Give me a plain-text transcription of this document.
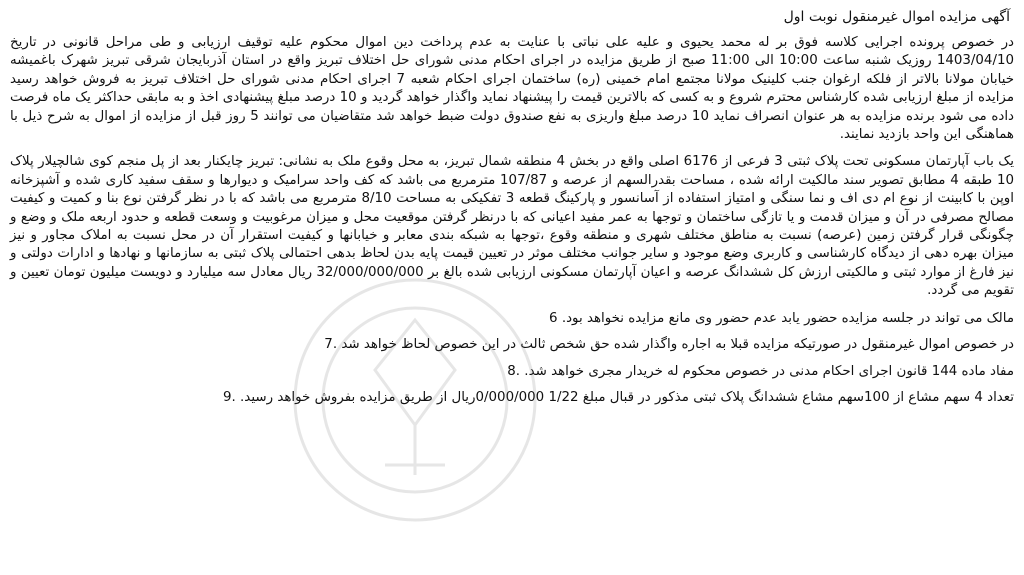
آگهی مزایده اموال غیرمنقول نوبت اول
در خصوص پرونده اجرایی کلاسه فوق بر له محمد یحیوی و علیه علی نباتی با عنایت به عدم پرداخت دین اموال محکوم علیه توقیف ارزیابی و طی مراحل قانونی در تاریخ 1403/04/10 روزیک شنبه ساعت 10:00 الی 11:00 صبح از طریق مزایده در اجرای احکام مدنی شورای حل اختلاف تبریز واقع در استان آذربایجان شرقی تبریز شهرک باغمیشه خیابان مولانا بالاتر از فلکه ارغوان جنب کلینیک مولانا مجتمع امام خمینی (ره) ساختمان اجرای احکام شعبه 7 اجرای احکام مدنی شورای حل اختلاف تبریز به فروش خواهد رسید مزایده از مبلغ ارزیابی شده کارشناس محترم شروع و به کسی که بالاترین قیمت را پیشنهاد نماید واگذار خواهد گردید و 10 درصد مبلغ پیشنهادی اخذ و به مابقی حداکثر یک ماه فرصت داده می شود برنده مزایده به هر عنوان انصراف نماید 10 درصد مبلغ واریزی به نفع صندوق دولت ضبط خواهد شد متقاضیان می توانند 5 روز قبل از مزایده از اموال به شرح ذیل با هماهنگی این واحد بازدید نمایند.
یک باب آپارتمان مسکونی تحت پلاک ثبتی 3 فرعی از 6176 اصلی واقع در بخش 4 منطقه شمال تبریز، به محل وقوع ملک به نشانی: تبریز چایکنار بعد از پل منجم کوی شالچیلار پلاک 10 طبقه 4 مطابق تصویر سند مالکیت ارائه شده ، مساحت بقدرالسهم از عرصه و 107/87 مترمربع می باشد که کف واحد سرامیک و دیوارها و سقف سفید کاری شده و آشپزخانه اوپن با کابینت از نوع ام دی اف و نما سنگی و امتیاز استفاده از آسانسور و پارکینگ قطعه 3 تفکیکی به مساحت 8/10 مترمربع می باشد که با در نظر گرفتن نوع بنا و کمیت و کیفیت مصالح مصرفی در آن و میزان قدمت و یا تازگی ساختمان و توجها به عمر مفید اعیانی که با درنظر گرفتن موقعیت محل و میزان مرغوبیت و وسعت قطعه و حدود اربعه ملک و وضع و چگونگی قرار گرفتن زمین (عرصه) نسبت به مناطق مختلف شهری و منطقه وقوع ،توجها به شبکه بندی معابر و خیابانها و کیفیت استقرار آن در محل نسبت به املاک مجاور و نیز میزان بهره دهی از دیدگاه کارشناسی و کاربری وضع موجود و سایر جوانب مختلف موثر در تعیین قیمت پایه بدن لحاظ بدهی احتمالی پلاک ثبتی به سازمانها و نهادها و ادارات دولتی و نیز فارغ از موارد ثبتی و مالکیتی ارزش کل ششدانگ عرصه و اعیان آپارتمان مسکونی ارزیابی شده بالغ بر 32/000/000/000 ریال معادل سه میلیارد و دویست میلیون تومان تعیین و تقویم می گردد.
مالک می تواند در جلسه مزایده حضور یابد عدم حضور وی مانع مزایده نخواهد بود. 6
در خصوص اموال غیرمنقول در صورتیکه مزایده قبلا به اجاره واگذار شده حق شخص ثالث در این خصوص لحاظ خواهد شد .7
مفاد ماده 144 قانون اجرای احکام مدنی در خصوص محکوم له خریدار مجری خواهد شد. .8
تعداد 4 سهم مشاع از 100سهم مشاع ششدانگ پلاک ثبتی مذکور در قبال مبلغ 1/22 0/000/000ریال از طریق مزایده بفروش خواهد رسید. .9
